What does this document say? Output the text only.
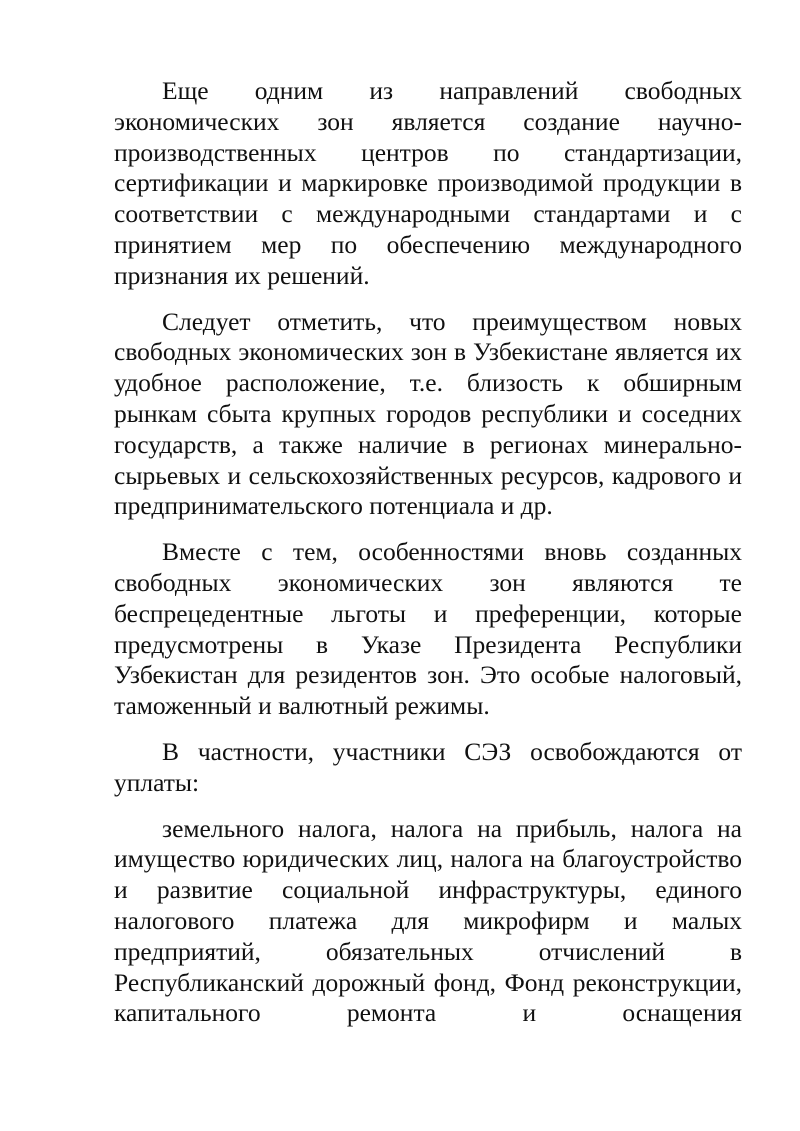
Еще одним из направлений свободных экономических зон является создание научно-производственных центров по стандартизации, сертификации и маркировке производимой продукции в соответствии с международными стандартами и с принятием мер по обеспечению международного признания их решений.

Следует отметить, что преимуществом новых свободных экономических зон в Узбекистане является их удобное расположение, т.е. близость к обширным рынкам сбыта крупных городов республики и соседних государств, а также наличие в регионах минерально-сырьевых и сельскохозяйственных ресурсов, кадрового и предпринимательского потенциала и др.

Вместе с тем, особенностями вновь созданных свободных экономических зон являются те беспрецедентные льготы и преференции, которые предусмотрены в Указе Президента Республики Узбекистан для резидентов зон. Это особые налоговый, таможенный и валютный режимы.

В частности, участники СЭЗ освобождаются от уплаты:

земельного налога, налога на прибыль, налога на имущество юридических лиц, налога на благоустройство и развитие социальной инфраструктуры, единого налогового платежа для микрофирм и малых предприятий, обязательных отчислений в Республиканский дорожный фонд, Фонд реконструкции, капитального ремонта и оснащения
